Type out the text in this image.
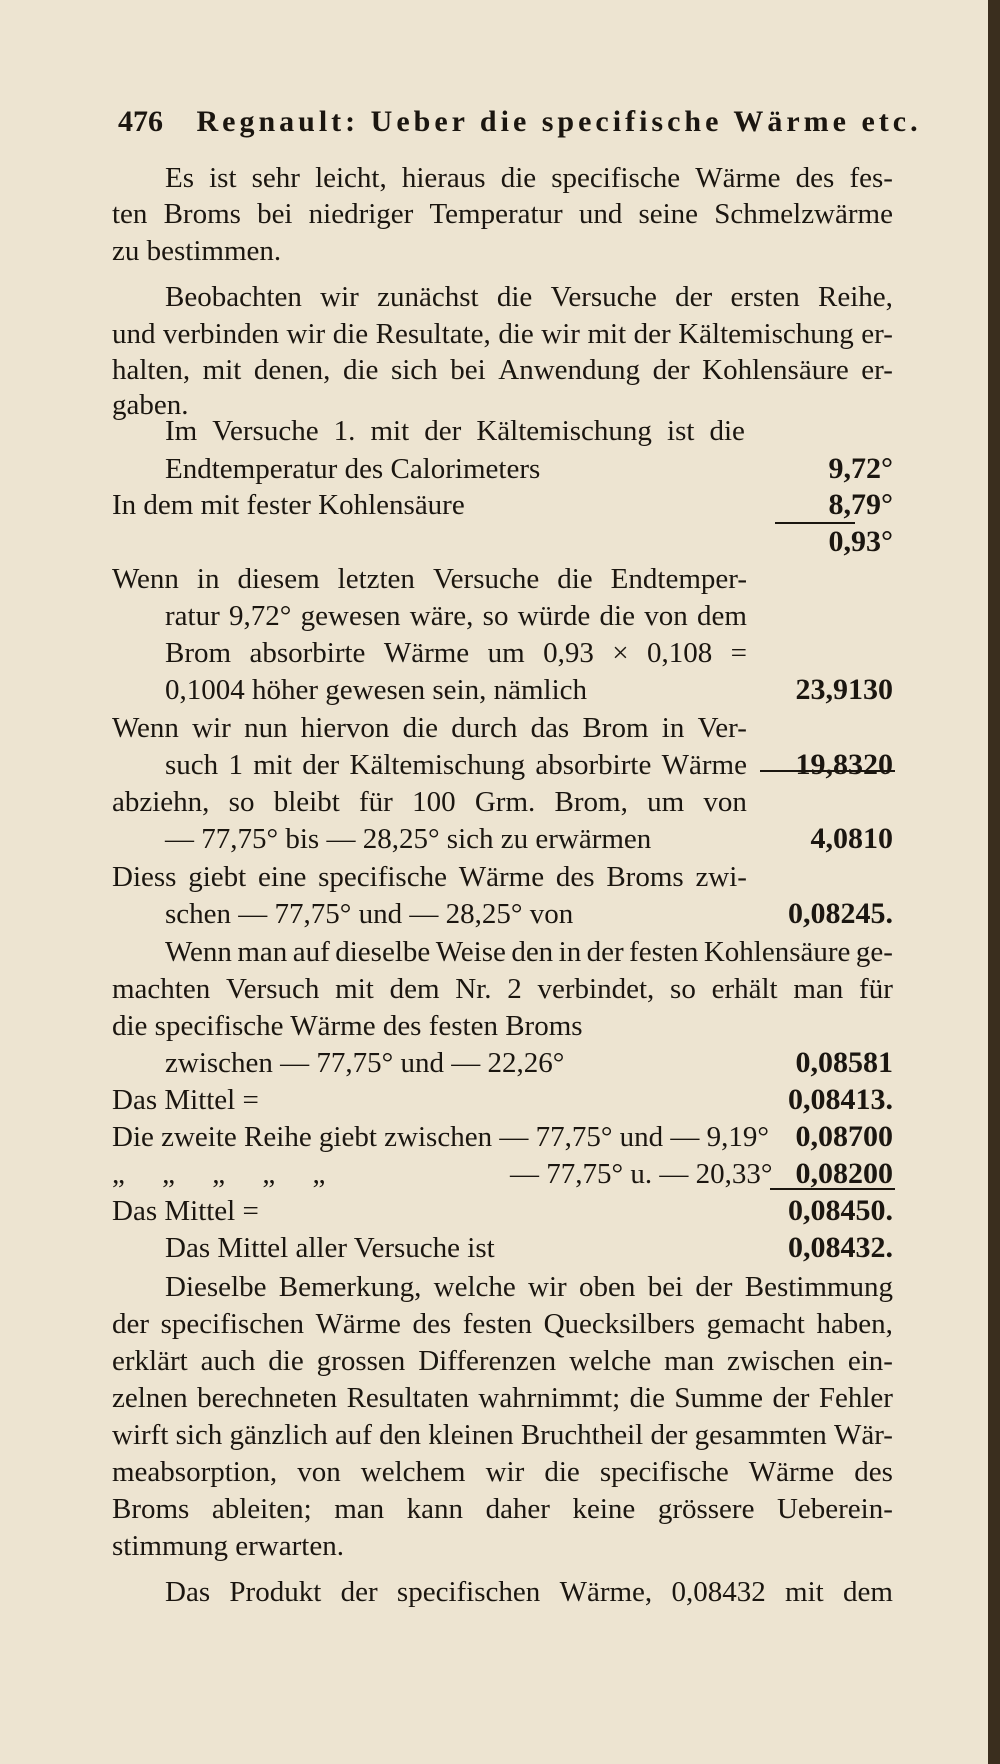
476 Regnault: Ueber die specifische Wärme etc.
Es ist sehr leicht, hieraus die specifische Wärme des fes-
ten Broms bei niedriger Temperatur und seine Schmelzwärme
zu bestimmen.
Beobachten wir zunächst die Versuche der ersten Reihe,
und verbinden wir die Resultate, die wir mit der Kältemischung er-
halten, mit denen, die sich bei Anwendung der Kohlensäure er-
gaben.
Im Versuche 1. mit der Kältemischung ist die
Endtemperatur des Calorimeters	9,72°
In dem mit fester Kohlensäure	8,79°
0,93°
Wenn in diesem letzten Versuche die Endtemper-
ratur 9,72° gewesen wäre, so würde die von dem
Brom absorbirte Wärme um 0,93 × 0,108 =
0,1004 höher gewesen sein, nämlich	23,9130
Wenn wir nun hiervon die durch das Brom in Ver-
such 1 mit der Kältemischung absorbirte Wärme 19,8320
abziehn, so bleibt für 100 Grm. Brom, um von
— 77,75° bis — 28,25° sich zu erwärmen	4,0810
Diess giebt eine specifische Wärme des Broms zwi-
schen — 77,75° und — 28,25° von	0,08245.
Wenn man auf dieselbe Weise den in der festen Kohlensäure ge-
machten Versuch mit dem Nr. 2 verbindet, so erhält man für
die specifische Wärme des festen Broms
zwischen — 77,75° und — 22,26°	0,08581
Das Mittel =	0,08413.
Die zweite Reihe giebt zwischen — 77,75° und — 9,19° 0,08700
„ „ „ „ „	— 77,75° u. — 20,33° 0,08200
Das Mittel =	0,08450.
Das Mittel aller Versuche ist	0,08432.
Dieselbe Bemerkung, welche wir oben bei der Bestimmung
der specifischen Wärme des festen Quecksilbers gemacht haben,
erklärt auch die grossen Differenzen welche man zwischen ein-
zelnen berechneten Resultaten wahrnimmt; die Summe der Fehler
wirft sich gänzlich auf den kleinen Bruchtheil der gesammten Wär-
meabsorption, von welchem wir die specifische Wärme des
Broms ableiten; man kann daher keine grössere Ueberein-
stimmung erwarten.
Das Produkt der specifischen Wärme, 0,08432 mit dem
